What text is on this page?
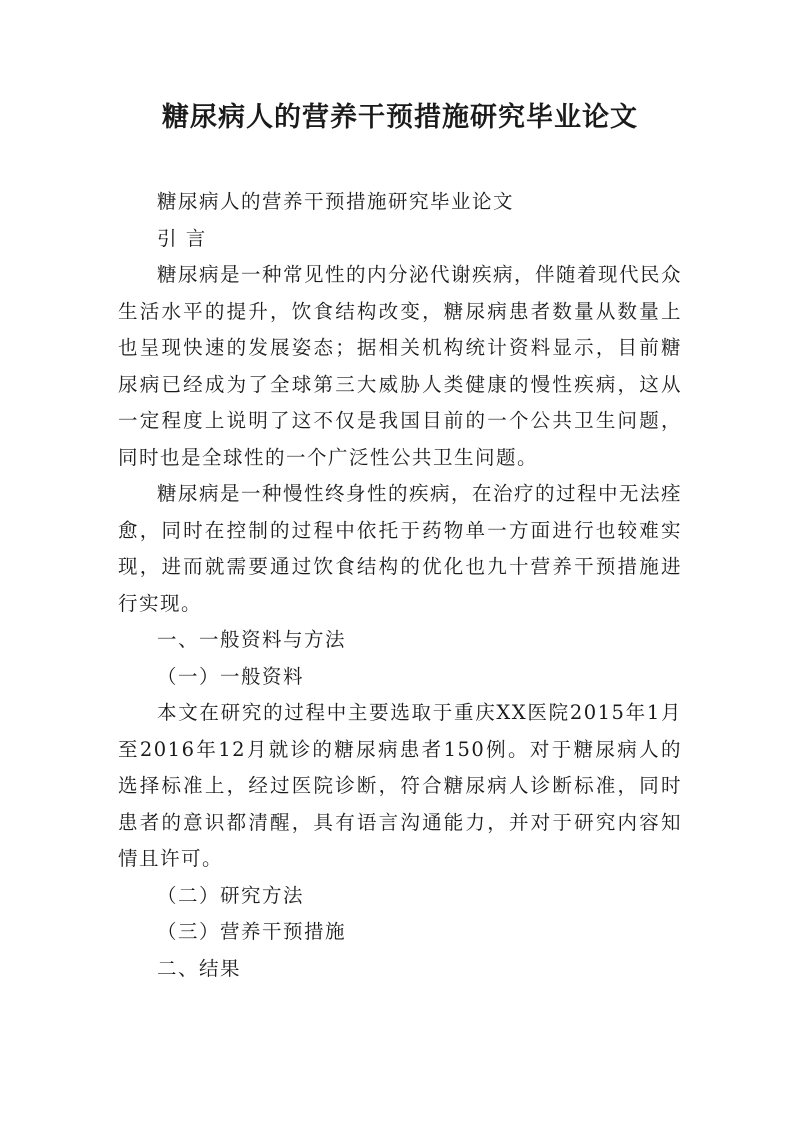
糖尿病人的营养干预措施研究毕业论文

糖尿病人的营养干预措施研究毕业论文

引 言

糖尿病是一种常见性的内分泌代谢疾病，伴随着现代民众生活水平的提升，饮食结构改变，糖尿病患者数量从数量上也呈现快速的发展姿态；据相关机构统计资料显示，目前糖尿病已经成为了全球第三大威胁人类健康的慢性疾病，这从一定程度上说明了这不仅是我国目前的一个公共卫生问题，同时也是全球性的一个广泛性公共卫生问题。

糖尿病是一种慢性终身性的疾病，在治疗的过程中无法痊愈，同时在控制的过程中依托于药物单一方面进行也较难实现，进而就需要通过饮食结构的优化也九十营养干预措施进行实现。

一、一般资料与方法

（一）一般资料

本文在研究的过程中主要选取于重庆XX医院2015年1月至2016年12月就诊的糖尿病患者150例。对于糖尿病人的选择标准上，经过医院诊断，符合糖尿病人诊断标准，同时患者的意识都清醒，具有语言沟通能力，并对于研究内容知情且许可。

（二）研究方法

（三）营养干预措施

二、结果
